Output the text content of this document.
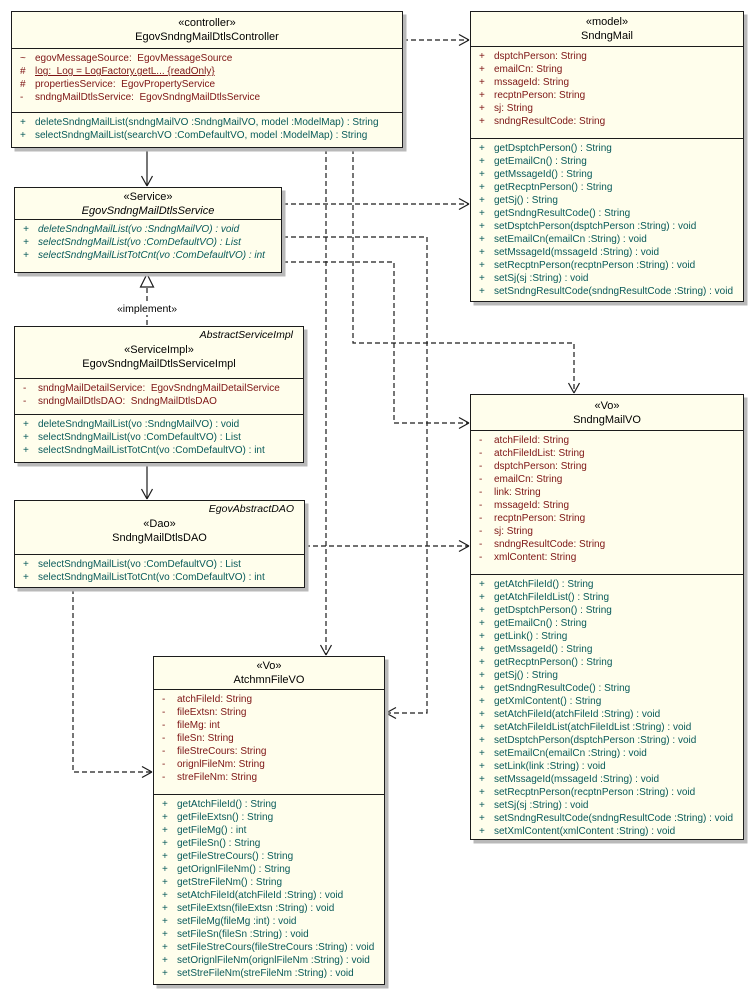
«controller»
EgovSndngMailDtlsController
~ egovMessageSource:  EgovMessageSource
# log:  Log = LogFactory.getL... {readOnly}
# propertiesService:  EgovPropertyService
- sndngMailDtlsService:  EgovSndngMailDtlsService
+ deleteSndngMailList(sndngMailVO :SndngMailVO, model :ModelMap) : String
+ selectSndngMailList(searchVO :ComDefaultVO, model :ModelMap) : String
«model»
SndngMail
+ dsptchPerson: String
+ emailCn: String
+ mssageId: String
+ recptnPerson: String
+ sj: String
+ sndngResultCode: String
+ getDsptchPerson() : String
+ getEmailCn() : String
+ getMssageId() : String
+ getRecptnPerson() : String
+ getSj() : String
+ getSndngResultCode() : String
+ setDsptchPerson(dsptchPerson :String) : void
+ setEmailCn(emailCn :String) : void
+ setMssageId(mssageId :String) : void
+ setRecptnPerson(recptnPerson :String) : void
+ setSj(sj :String) : void
+ setSndngResultCode(sndngResultCode :String) : void
«Service»
EgovSndngMailDtlsService
+ deleteSndngMailList(vo :SndngMailVO) : void
+ selectSndngMailList(vo :ComDefaultVO) : List
+ selectSndngMailListTotCnt(vo :ComDefaultVO) : int
AbstractServiceImpl
«ServiceImpl»
EgovSndngMailDtlsServiceImpl
- sndngMailDetailService:  EgovSndngMailDetailService
- sndngMailDtlsDAO:  SndngMailDtlsDAO
+ deleteSndngMailList(vo :SndngMailVO) : void
+ selectSndngMailList(vo :ComDefaultVO) : List
+ selectSndngMailListTotCnt(vo :ComDefaultVO) : int
EgovAbstractDAO
«Dao»
SndngMailDtlsDAO
+ selectSndngMailList(vo :ComDefaultVO) : List
+ selectSndngMailListTotCnt(vo :ComDefaultVO) : int
«Vo»
SndngMailVO
- atchFileId: String
- atchFileIdList: String
- dsptchPerson: String
- emailCn: String
- link: String
- mssageId: String
- recptnPerson: String
- sj: String
- sndngResultCode: String
- xmlContent: String
+ getAtchFileId() : String
+ getAtchFileIdList() : String
+ getDsptchPerson() : String
+ getEmailCn() : String
+ getLink() : String
+ getMssageId() : String
+ getRecptnPerson() : String
+ getSj() : String
+ getSndngResultCode() : String
+ getXmlContent() : String
+ setAtchFileId(atchFileId :String) : void
+ setAtchFileIdList(atchFileIdList :String) : void
+ setDsptchPerson(dsptchPerson :String) : void
+ setEmailCn(emailCn :String) : void
+ setLink(link :String) : void
+ setMssageId(mssageId :String) : void
+ setRecptnPerson(recptnPerson :String) : void
+ setSj(sj :String) : void
+ setSndngResultCode(sndngResultCode :String) : void
+ setXmlContent(xmlContent :String) : void
«Vo»
AtchmnFileVO
- atchFileId: String
- fileExtsn: String
- fileMg: int
- fileSn: String
- fileStreCours: String
- orignlFileNm: String
- streFileNm: String
+ getAtchFileId() : String
+ getFileExtsn() : String
+ getFileMg() : int
+ getFileSn() : String
+ getFileStreCours() : String
+ getOrignlFileNm() : String
+ getStreFileNm() : String
+ setAtchFileId(atchFileId :String) : void
+ setFileExtsn(fileExtsn :String) : void
+ setFileMg(fileMg :int) : void
+ setFileSn(fileSn :String) : void
+ setFileStreCours(fileStreCours :String) : void
+ setOrignlFileNm(orignlFileNm :String) : void
+ setStreFileNm(streFileNm :String) : void
«implement»
